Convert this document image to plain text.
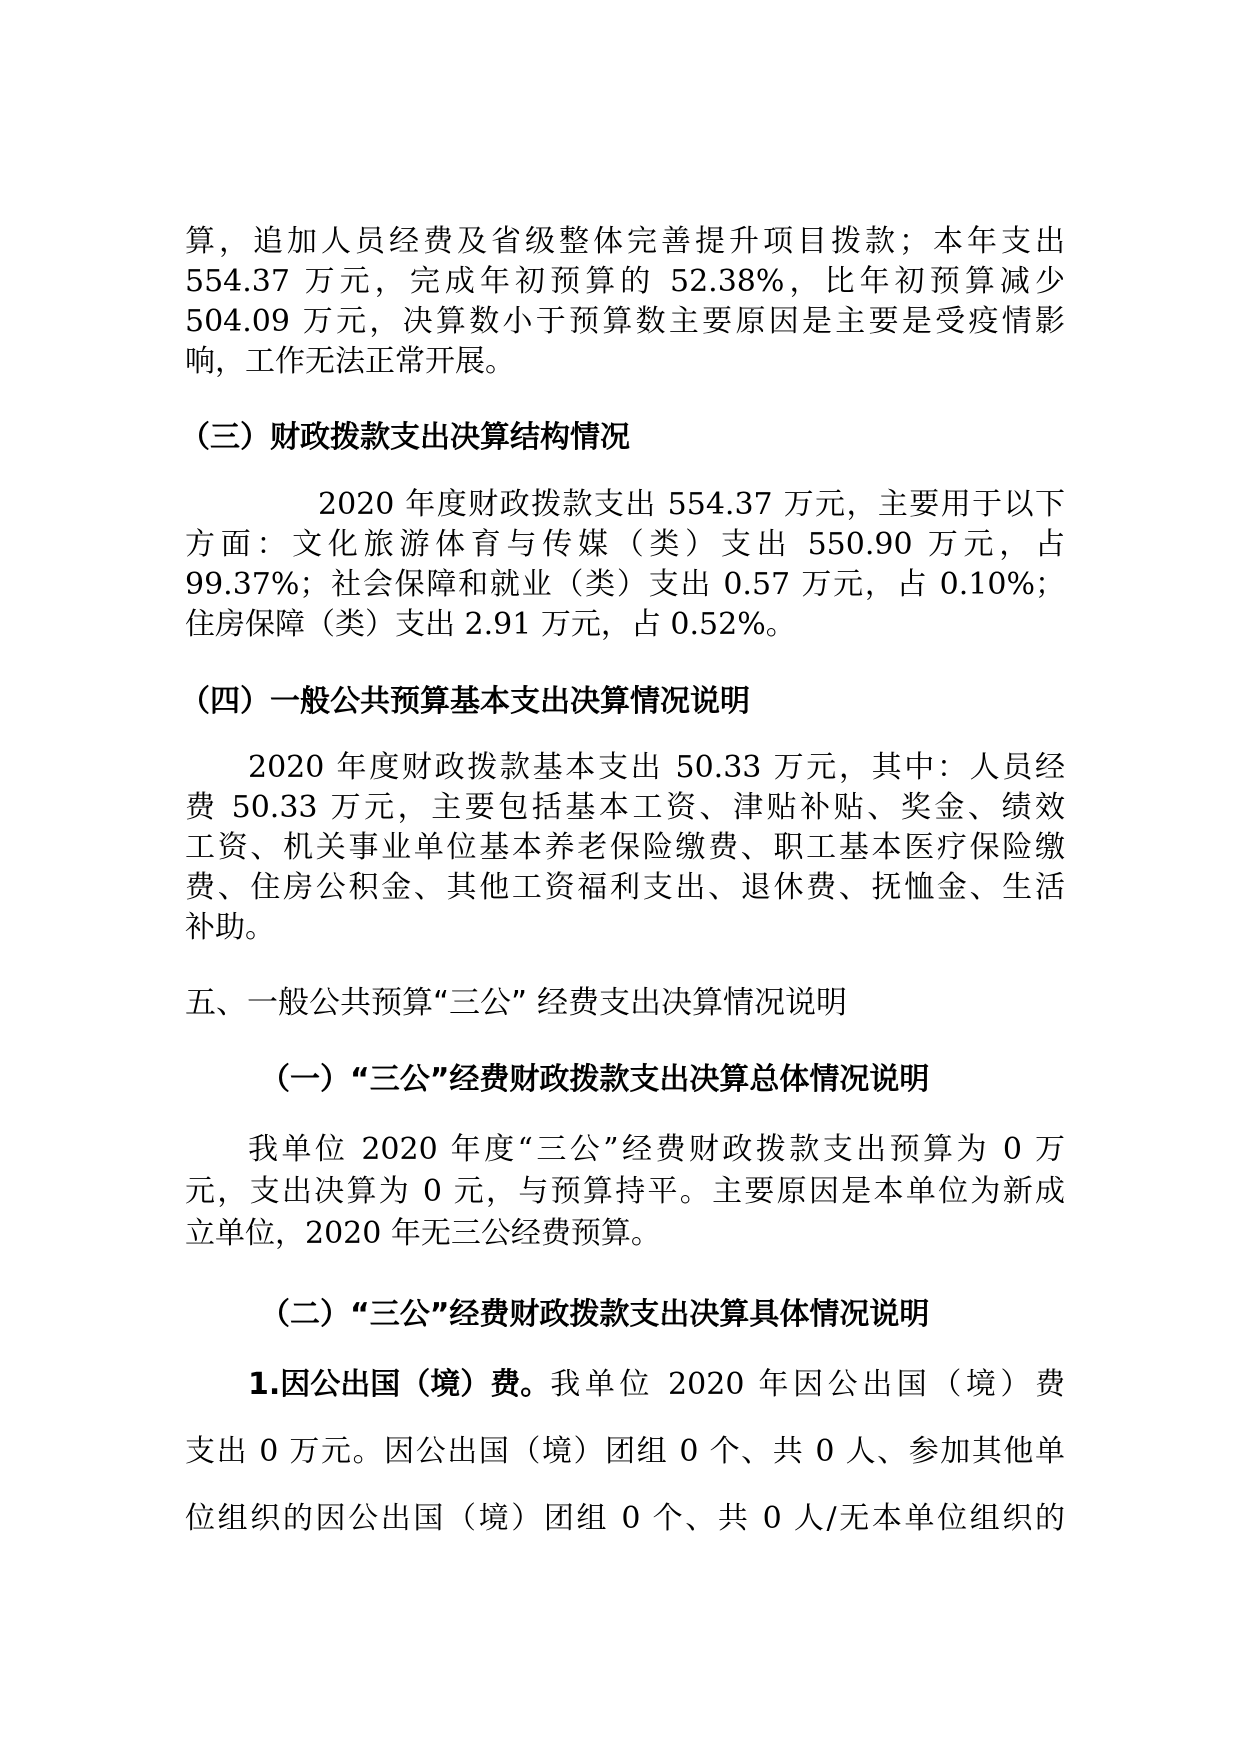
算，追加人员经费及省级整体完善提升项目拨款；本年支出
554.37 万元，完成年初预算的 52.38%，比年初预算减少
504.09 万元，决算数小于预算数主要原因是主要是受疫情影
响，工作无法正常开展。
（三）财政拨款支出决算结构情况
2020 年度财政拨款支出 554.37 万元，主要用于以下
方面：文化旅游体育与传媒（类）支出 550.90 万元，占
99.37%；社会保障和就业（类）支出 0.57 万元，占 0.10%；
住房保障（类）支出 2.91 万元，占 0.52%。
（四）一般公共预算基本支出决算情况说明
2020 年度财政拨款基本支出 50.33 万元，其中：人员经
费 50.33 万元，主要包括基本工资、津贴补贴、奖金、绩效
工资、机关事业单位基本养老保险缴费、职工基本医疗保险缴
费、住房公积金、其他工资福利支出、退休费、抚恤金、生活
补助。
五、一般公共预算“三公” 经费支出决算情况说明
（一）“三公”经费财政拨款支出决算总体情况说明
我单位 2020 年度“三公”经费财政拨款支出预算为 0 万
元，支出决算为 0 元，与预算持平。主要原因是本单位为新成
立单位，2020 年无三公经费预算。
（二）“三公”经费财政拨款支出决算具体情况说明
1.因公出国（境）费。 我单位 2020 年因公出国（境）费
支出 0 万元。因公出国（境）团组 0 个、共 0 人、参加其他单
位组织的因公出国（境）团组 0 个、共 0 人/无本单位组织的
